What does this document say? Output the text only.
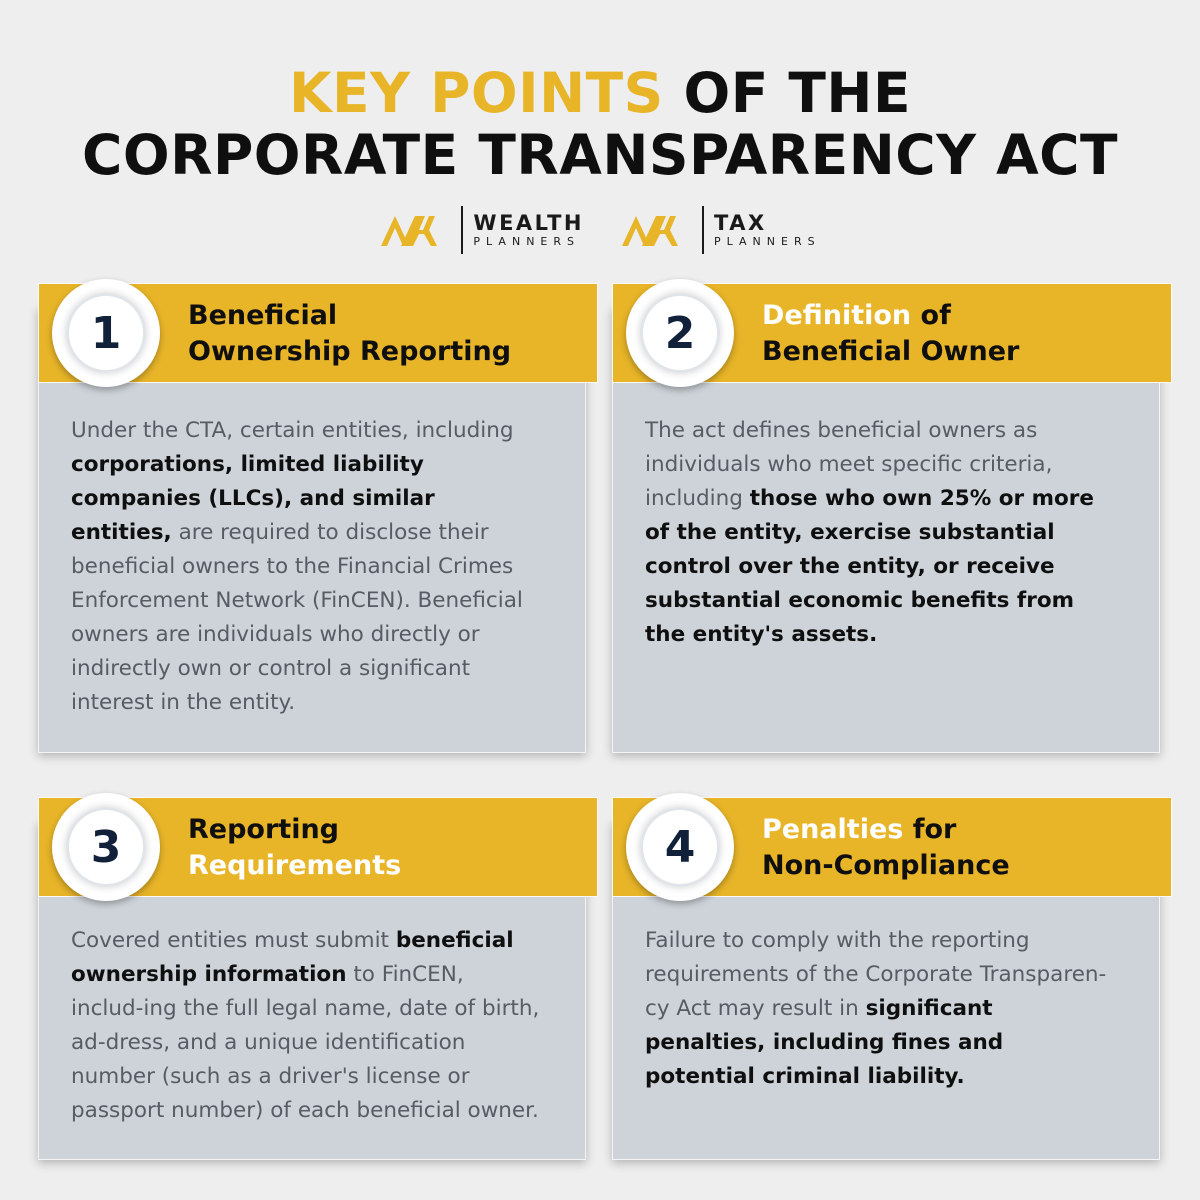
KEY POINTS OF THE
CORPORATE TRANSPARENCY ACT
WEALTH
PLANNERS
TAX
PLANNERS
1	Beneficial
Ownership Reporting
Under the CTA, certain entities, including corporations, limited liability companies (LLCs), and similar entities, are required to disclose their beneficial owners to the Financial Crimes Enforcement Network (FinCEN). Beneficial owners are individuals who directly or indirectly own or control a significant interest in the entity.
2	Definition of
Beneficial Owner
The act defines beneficial owners as individuals who meet specific criteria, including those who own 25% or more of the entity, exercise substantial control over the entity, or receive substantial economic benefits from the entity's assets.
3	Reporting
Requirements
Covered entities must submit beneficial ownership information to FinCEN, includ-ing the full legal name, date of birth, ad-dress, and a unique identification number (such as a driver's license or passport number) of each beneficial owner.
4	Penalties for
Non-Compliance
Failure to comply with the reporting requirements of the Corporate Transparen-cy Act may result in significant penalties, including fines and potential criminal liability.
